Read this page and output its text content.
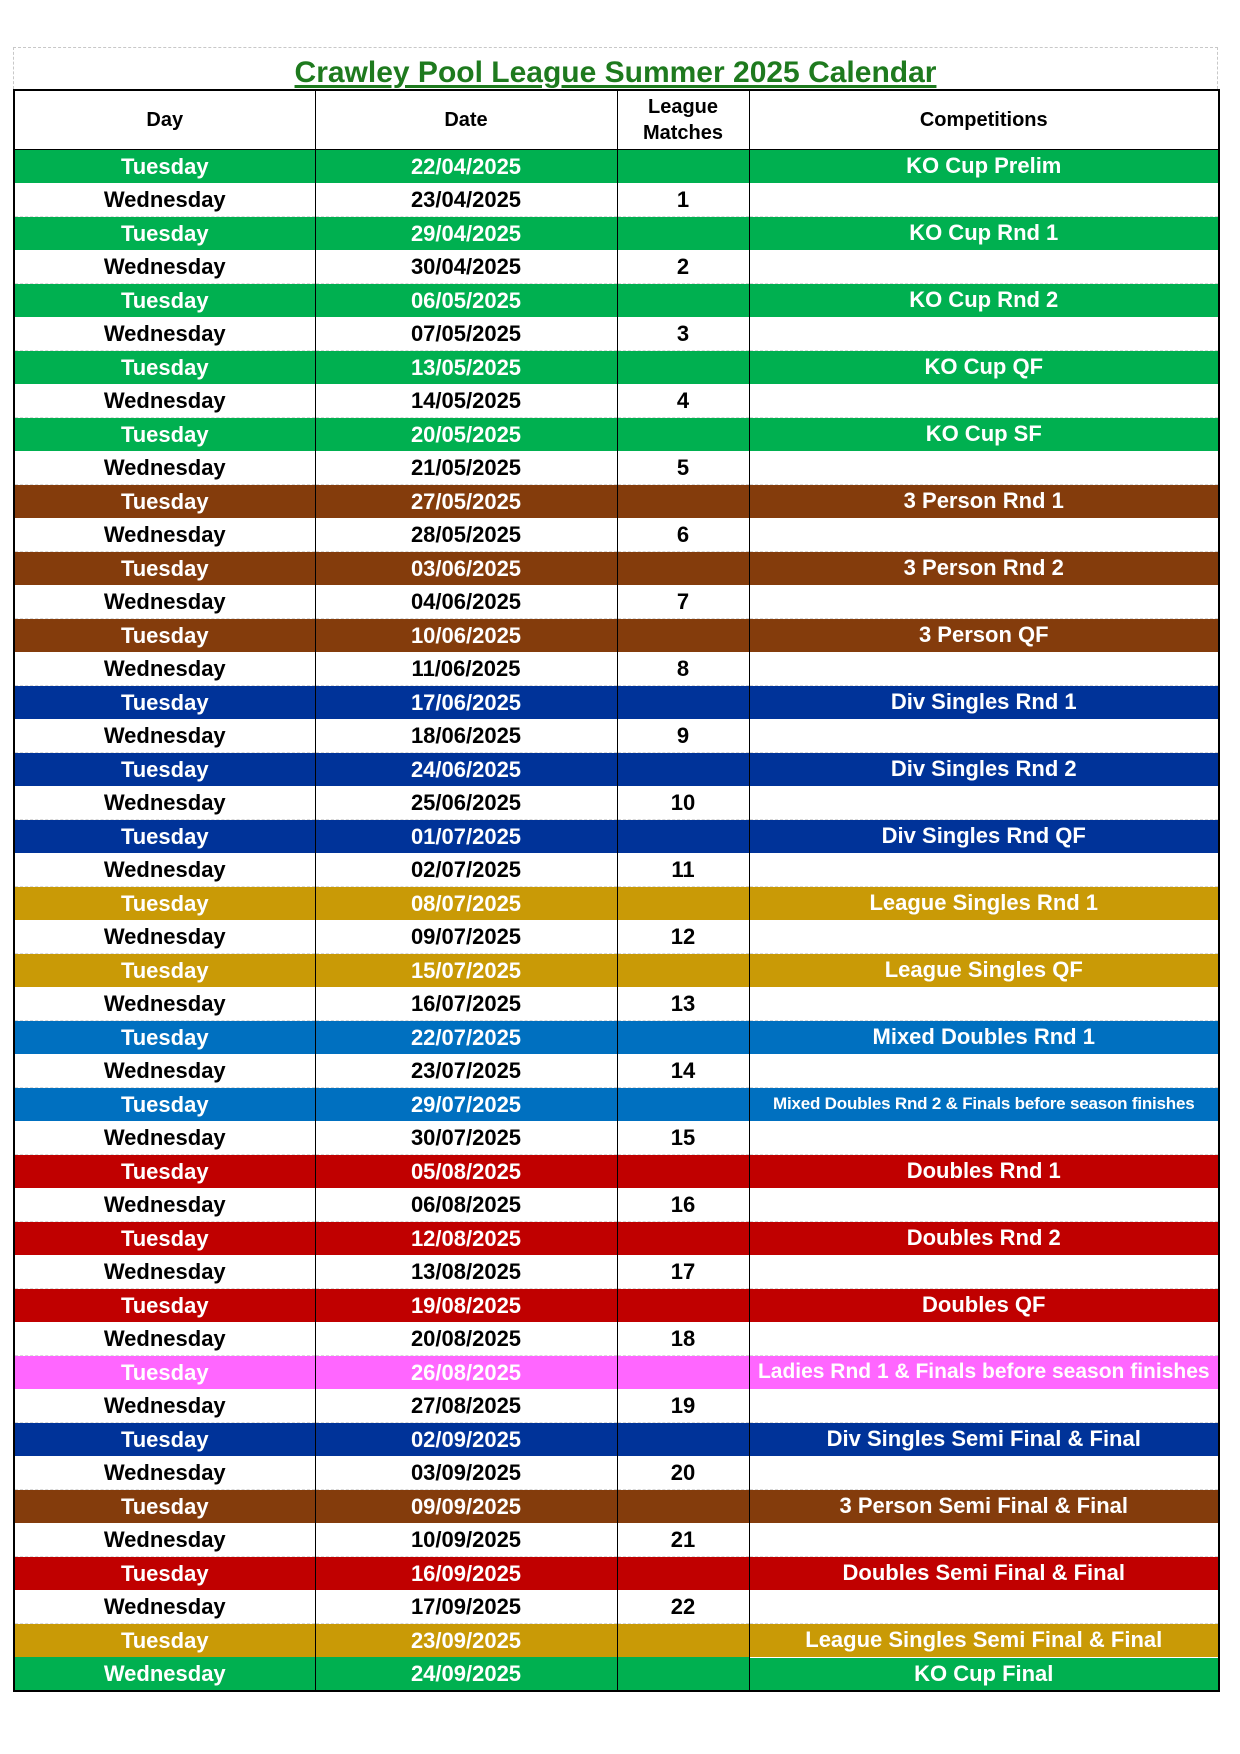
Crawley Pool League Summer 2025 Calendar
Day	Date	League Matches	Competitions
Tuesday	22/04/2025		KO Cup Prelim
Wednesday	23/04/2025	1	
Tuesday	29/04/2025		KO Cup Rnd 1
Wednesday	30/04/2025	2	
Tuesday	06/05/2025		KO Cup Rnd 2
Wednesday	07/05/2025	3	
Tuesday	13/05/2025		KO Cup QF
Wednesday	14/05/2025	4	
Tuesday	20/05/2025		KO Cup SF
Wednesday	21/05/2025	5	
Tuesday	27/05/2025		3 Person Rnd 1
Wednesday	28/05/2025	6	
Tuesday	03/06/2025		3 Person Rnd 2
Wednesday	04/06/2025	7	
Tuesday	10/06/2025		3 Person QF
Wednesday	11/06/2025	8	
Tuesday	17/06/2025		Div Singles Rnd 1
Wednesday	18/06/2025	9	
Tuesday	24/06/2025		Div Singles Rnd 2
Wednesday	25/06/2025	10	
Tuesday	01/07/2025		Div Singles Rnd QF
Wednesday	02/07/2025	11	
Tuesday	08/07/2025		League Singles Rnd 1
Wednesday	09/07/2025	12	
Tuesday	15/07/2025		League Singles QF
Wednesday	16/07/2025	13	
Tuesday	22/07/2025		Mixed Doubles Rnd 1
Wednesday	23/07/2025	14	
Tuesday	29/07/2025		Mixed Doubles Rnd 2 & Finals before season finishes
Wednesday	30/07/2025	15	
Tuesday	05/08/2025		Doubles Rnd 1
Wednesday	06/08/2025	16	
Tuesday	12/08/2025		Doubles Rnd 2
Wednesday	13/08/2025	17	
Tuesday	19/08/2025		Doubles QF
Wednesday	20/08/2025	18	
Tuesday	26/08/2025		Ladies Rnd 1 & Finals before season finishes
Wednesday	27/08/2025	19	
Tuesday	02/09/2025		Div Singles Semi Final & Final
Wednesday	03/09/2025	20	
Tuesday	09/09/2025		3 Person Semi Final & Final
Wednesday	10/09/2025	21	
Tuesday	16/09/2025		Doubles Semi Final & Final
Wednesday	17/09/2025	22	
Tuesday	23/09/2025		League Singles Semi Final & Final
Wednesday	24/09/2025		KO Cup Final
